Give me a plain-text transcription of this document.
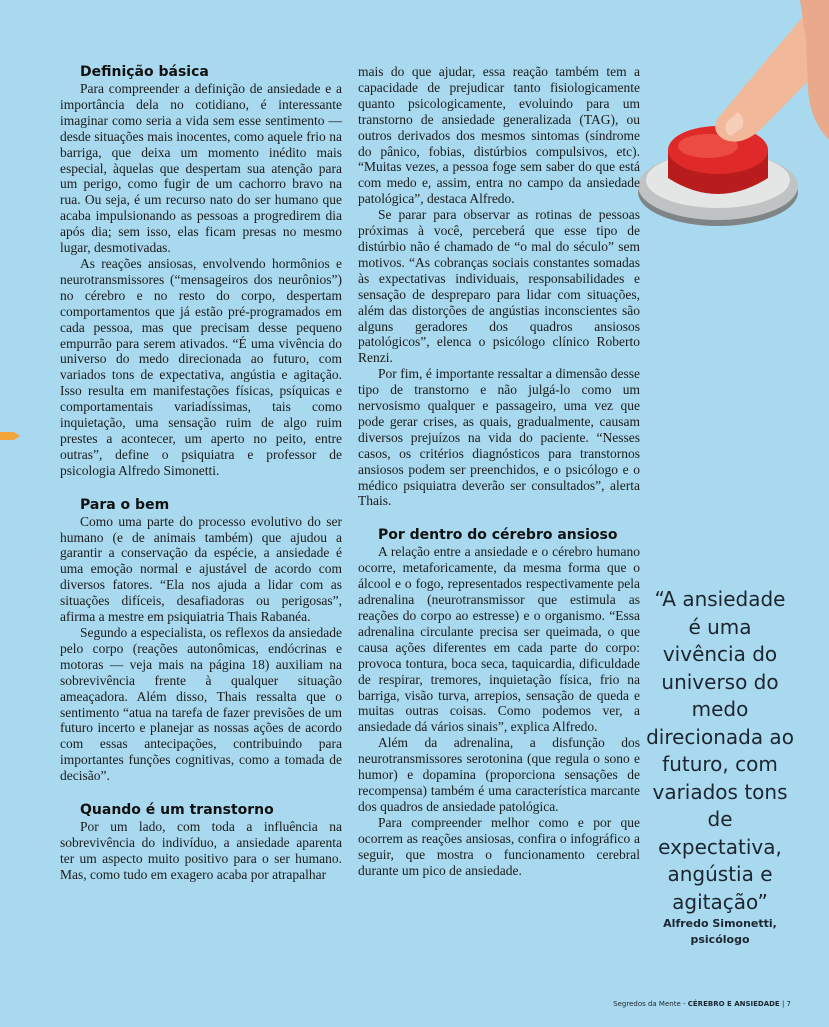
Definição básica

Para compreender a definição de ansiedade e a importância dela no cotidiano, é interessante imaginar como seria a vida sem esse sentimento — desde situações mais inocentes, como aquele frio na barriga, que deixa um momento inédito mais especial, àquelas que despertam sua atenção para um perigo, como fugir de um cachorro bravo na rua. Ou seja, é um recurso nato do ser humano que acaba impulsionando as pessoas a progredirem dia após dia; sem isso, elas ficam presas no mesmo lugar, desmotivadas.

As reações ansiosas, envolvendo hormônios e neurotransmissores (“mensageiros dos neurônios”) no cérebro e no resto do corpo, despertam comportamentos que já estão pré-programados em cada pessoa, mas que precisam desse pequeno empurrão para serem ativados. “É uma vivência do universo do medo direcionada ao futuro, com variados tons de expectativa, angústia e agitação. Isso resulta em manifestações físicas, psíquicas e comportamentais variadíssimas, tais como inquietação, uma sensação ruim de algo ruim prestes a acontecer, um aperto no peito, entre outras”, define o psiquiatra e professor de psicologia Alfredo Simonetti.

Para o bem

Como uma parte do processo evolutivo do ser humano (e de animais também) que ajudou a garantir a conservação da espécie, a ansiedade é uma emoção normal e ajustável de acordo com diversos fatores. “Ela nos ajuda a lidar com as situações difíceis, desafiadoras ou perigosas”, afirma a mestre em psiquiatria Thais Rabanéa.

Segundo a especialista, os reflexos da ansiedade pelo corpo (reações autonômicas, endócrinas e motoras — veja mais na página 18) auxiliam na sobrevivência frente à qualquer situação ameaçadora. Além disso, Thais ressalta que o sentimento “atua na tarefa de fazer previsões de um futuro incerto e planejar as nossas ações de acordo com essas antecipações, contribuindo para importantes funções cognitivas, como a tomada de decisão”.

Quando é um transtorno

Por um lado, com toda a influência na sobrevivência do indivíduo, a ansiedade aparenta ter um aspecto muito positivo para o ser humano. Mas, como tudo em exagero acaba por atrapalhar

mais do que ajudar, essa reação também tem a capacidade de prejudicar tanto fisiologicamente quanto psicologicamente, evoluindo para um transtorno de ansiedade generalizada (TAG), ou outros derivados dos mesmos sintomas (síndrome do pânico, fobias, distúrbios compulsivos, etc). “Muitas vezes, a pessoa foge sem saber do que está com medo e, assim, entra no campo da ansiedade patológica”, destaca Alfredo.

Se parar para observar as rotinas de pessoas próximas à você, perceberá que esse tipo de distúrbio não é chamado de “o mal do século” sem motivos. “As cobranças sociais constantes somadas às expectativas individuais, responsabilidades e sensação de despreparo para lidar com situações, além das distorções de angústias inconscientes são alguns geradores dos quadros ansiosos patológicos”, elenca o psicólogo clínico Roberto Renzi.

Por fim, é importante ressaltar a dimensão desse tipo de transtorno e não julgá-lo como um nervosismo qualquer e passageiro, uma vez que pode gerar crises, as quais, gradualmente, causam diversos prejuízos na vida do paciente. “Nesses casos, os critérios diagnósticos para transtornos ansiosos podem ser preenchidos, e o psicólogo e o médico psiquiatra deverão ser consultados”, alerta Thais.

Por dentro do cérebro ansioso

A relação entre a ansiedade e o cérebro humano ocorre, metaforicamente, da mesma forma que o álcool e o fogo, representados respectivamente pela adrenalina (neurotransmissor que estimula as reações do corpo ao estresse) e o organismo. “Essa adrenalina circulante precisa ser queimada, o que causa ações diferentes em cada parte do corpo: provoca tontura, boca seca, taquicardia, dificuldade de respirar, tremores, inquietação física, frio na barriga, visão turva, arrepios, sensação de queda e muitas outras coisas. Como podemos ver, a ansiedade dá vários sinais”, explica Alfredo.

Além da adrenalina, a disfunção dos neurotransmissores serotonina (que regula o sono e humor) e dopamina (proporciona sensações de recompensa) também é uma característica marcante dos quadros de ansiedade patológica.

Para compreender melhor como e por que ocorrem as reações ansiosas, confira o infográfico a seguir, que mostra o funcionamento cerebral durante um pico de ansiedade.

“A ansiedade é uma vivência do universo do medo direcionada ao futuro, com variados tons de expectativa, angústia e agitação”
Alfredo Simonetti,
psicólogo
Segredos da Mente - CÉREBRO E ANSIEDADE | 7
